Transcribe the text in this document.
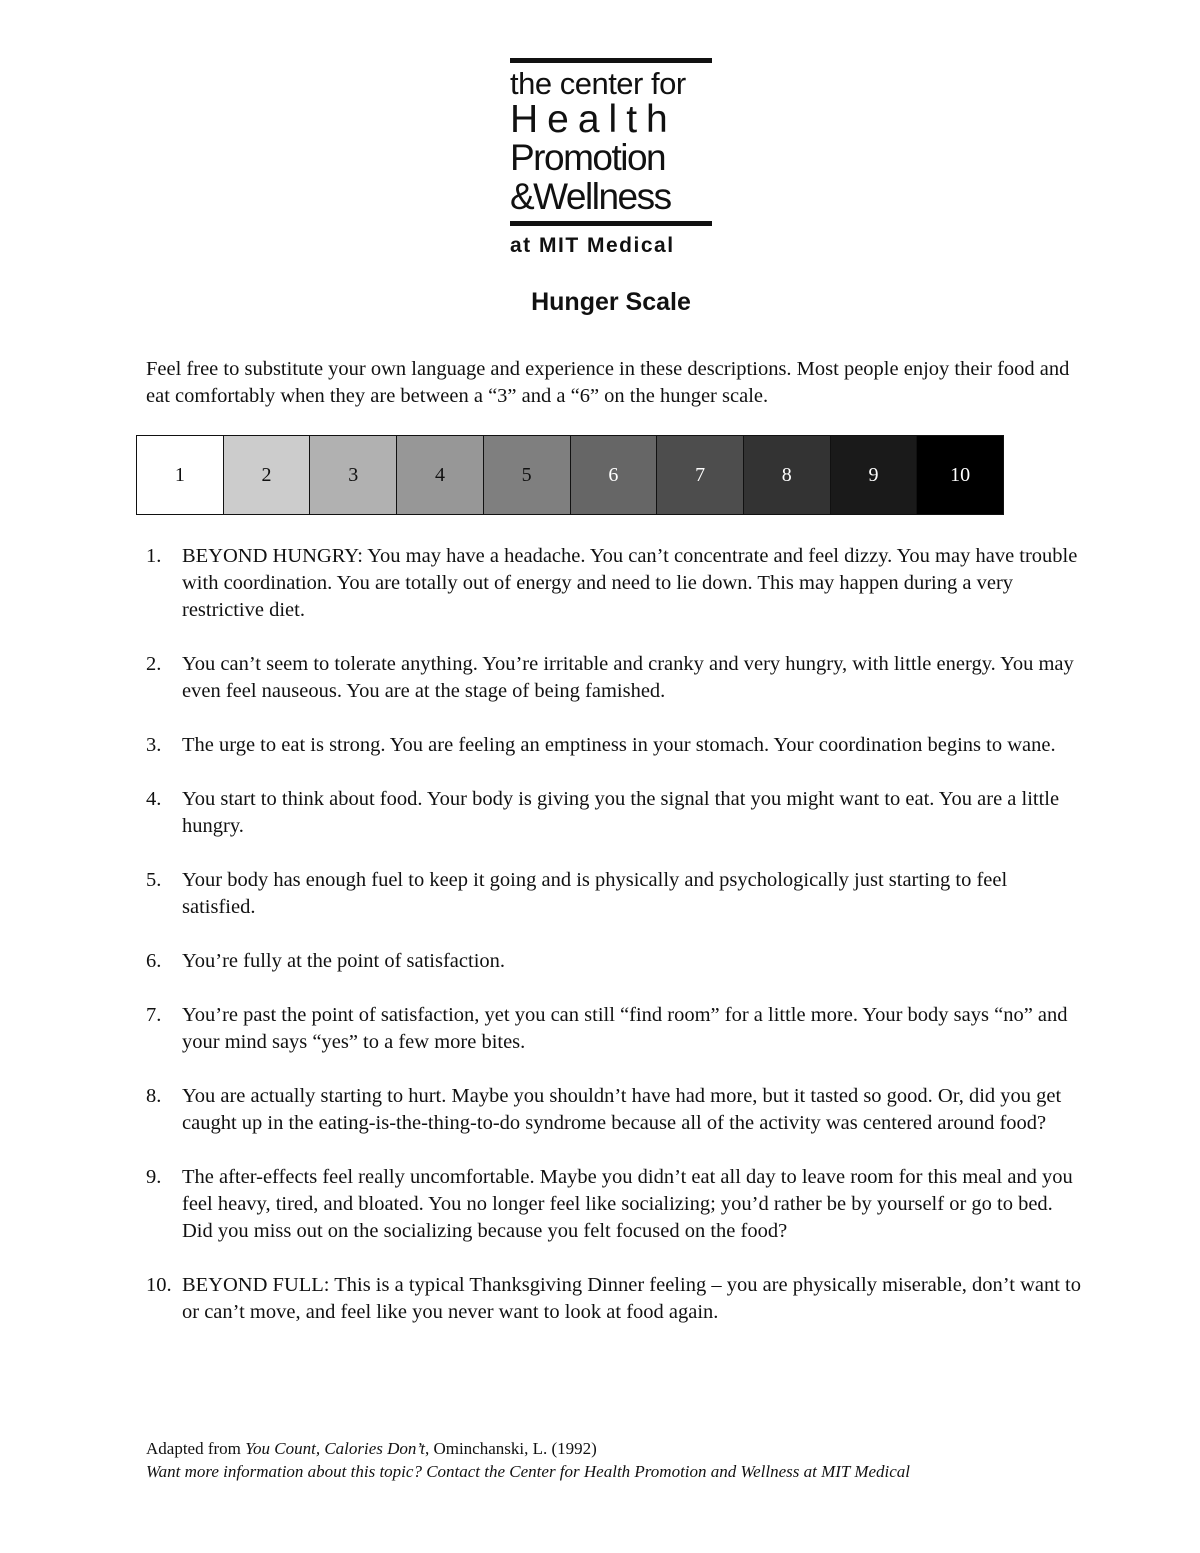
the center for
Health
Promotion
&Wellness
at MIT Medical
Hunger Scale

Feel free to substitute your own language and experience in these descriptions. Most people enjoy their food and eat comfortably when they are between a “3” and a “6” on the hunger scale.

1	2	3	4	5	6	7	8	9	10
1. BEYOND HUNGRY: You may have a headache. You can’t concentrate and feel dizzy. You may have trouble with coordination. You are totally out of energy and need to lie down. This may happen during a very restrictive diet.
2. You can’t seem to tolerate anything. You’re irritable and cranky and very hungry, with little energy. You may even feel nauseous. You are at the stage of being famished.
3. The urge to eat is strong. You are feeling an emptiness in your stomach. Your coordination begins to wane.
4. You start to think about food. Your body is giving you the signal that you might want to eat. You are a little hungry.
5. Your body has enough fuel to keep it going and is physically and psychologically just starting to feel satisfied.
6. You’re fully at the point of satisfaction.
7. You’re past the point of satisfaction, yet you can still “find room” for a little more. Your body says “no” and your mind says “yes” to a few more bites.
8. You are actually starting to hurt. Maybe you shouldn’t have had more, but it tasted so good. Or, did you get caught up in the eating-is-the-thing-to-do syndrome because all of the activity was centered around food?
9. The after-effects feel really uncomfortable. Maybe you didn’t eat all day to leave room for this meal and you feel heavy, tired, and bloated. You no longer feel like socializing; you’d rather be by yourself or go to bed. Did you miss out on the socializing because you felt focused on the food?
10. BEYOND FULL: This is a typical Thanksgiving Dinner feeling – you are physically miserable, don’t want to or can’t move, and feel like you never want to look at food again.
Adapted from You Count, Calories Don’t, Ominchanski, L. (1992)
Want more information about this topic? Contact the Center for Health Promotion and Wellness at MIT Medical
